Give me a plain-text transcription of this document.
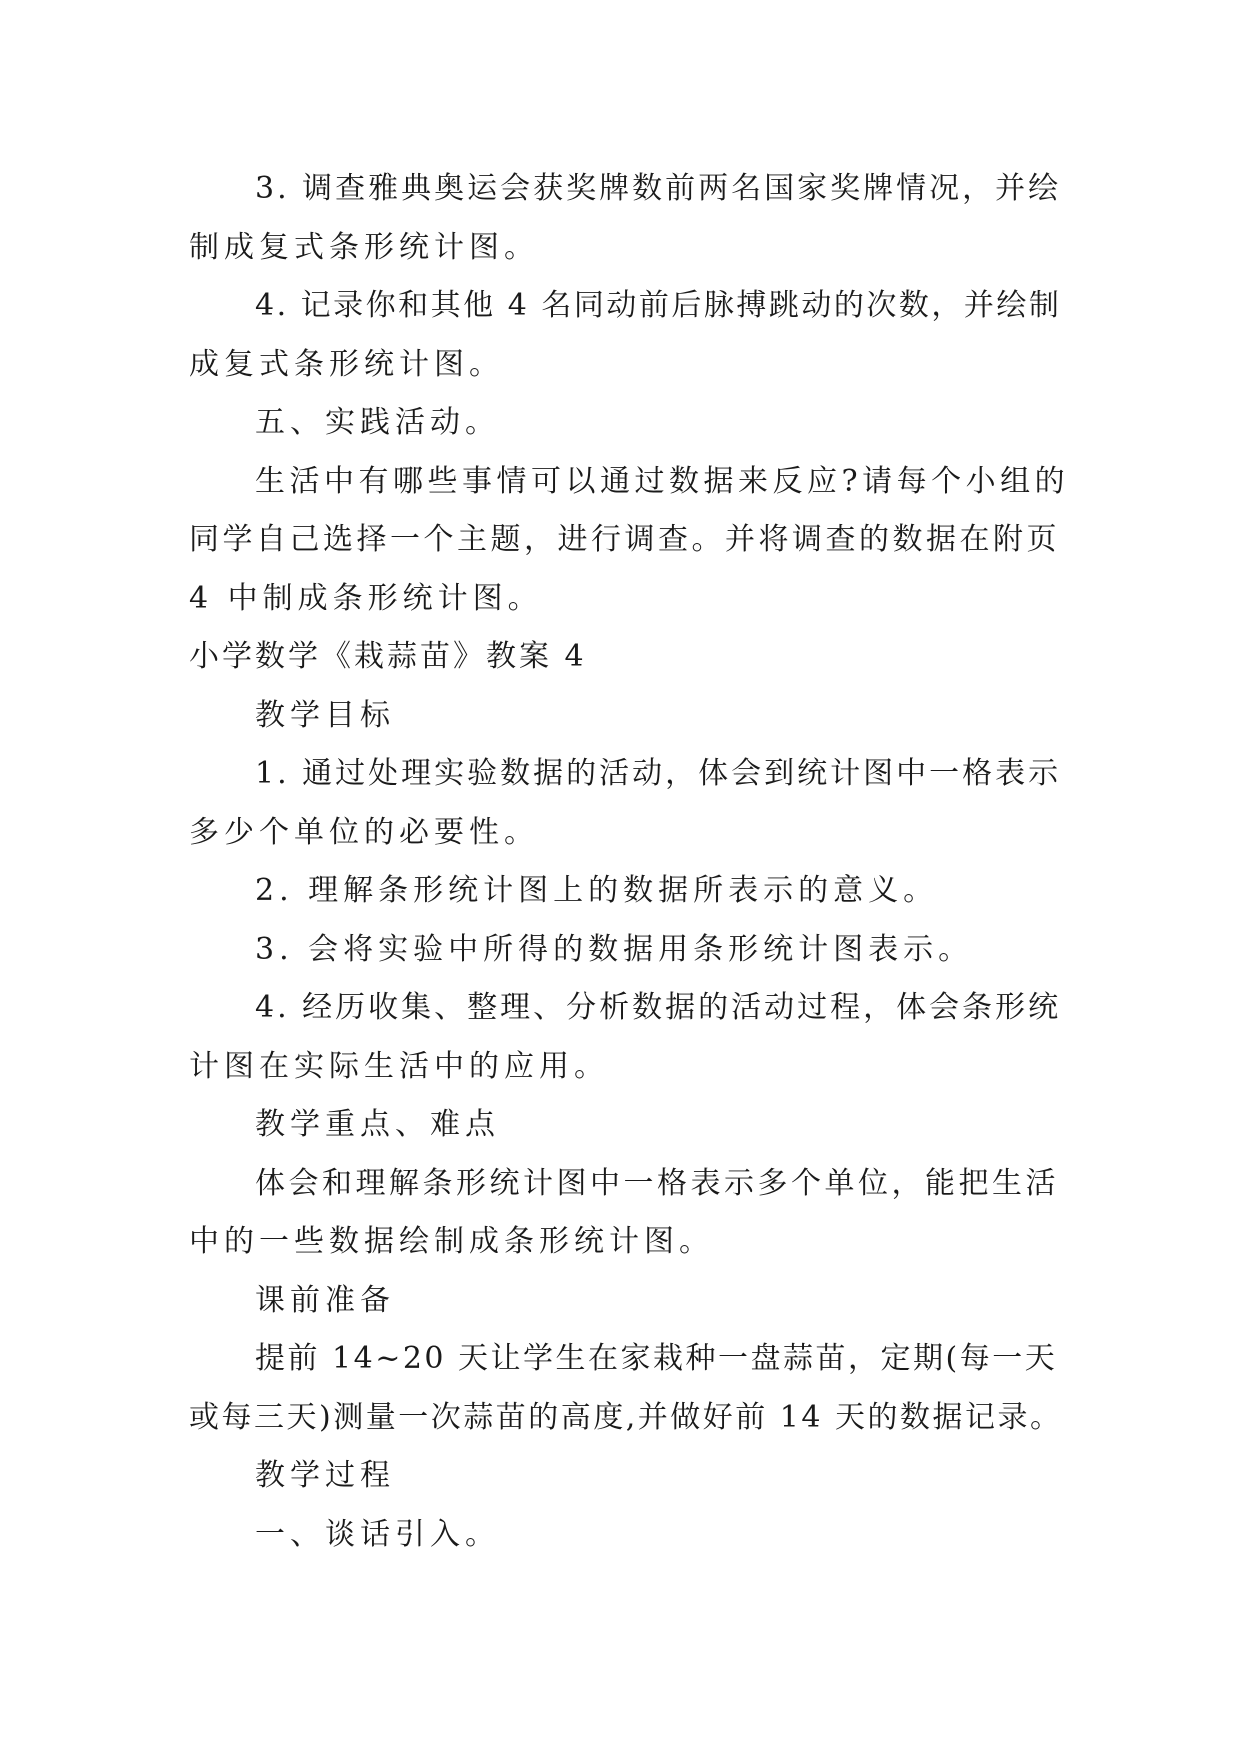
3. 调查雅典奥运会获奖牌数前两名国家奖牌情况，并绘

制成复式条形统计图。

4. 记录你和其他 4 名同动前后脉搏跳动的次数，并绘制

成复式条形统计图。

五、实践活动。

生活中有哪些事情可以通过数据来反应?请每个小组的

同学自己选择一个主题，进行调查。并将调查的数据在附页

4 中制成条形统计图。

小学数学《栽蒜苗》教案 4

教学目标

1. 通过处理实验数据的活动，体会到统计图中一格表示

多少个单位的必要性。

2. 理解条形统计图上的数据所表示的意义。

3. 会将实验中所得的数据用条形统计图表示。

4. 经历收集、整理、分析数据的活动过程，体会条形统

计图在实际生活中的应用。

教学重点、难点

体会和理解条形统计图中一格表示多个单位，能把生活

中的一些数据绘制成条形统计图。

课前准备

提前 14~20 天让学生在家栽种一盘蒜苗，定期(每一天

或每三天)测量一次蒜苗的高度,并做好前 14 天的数据记录。

教学过程

一、谈话引入。
